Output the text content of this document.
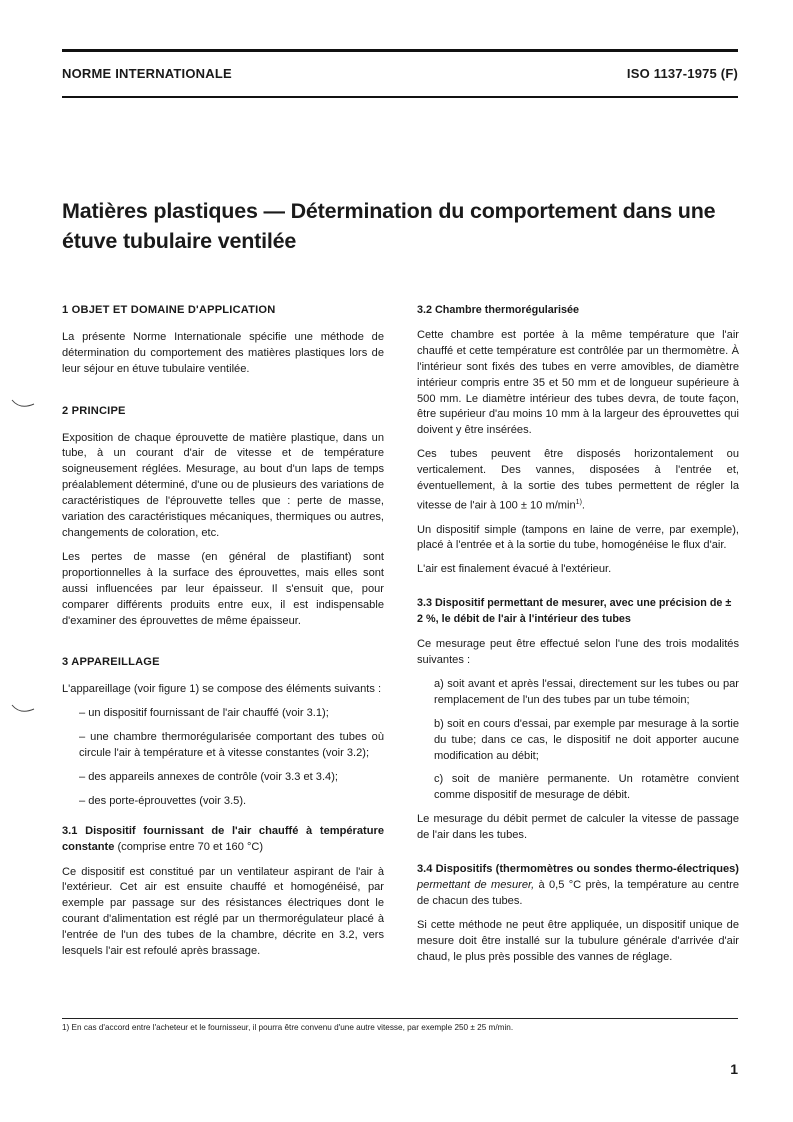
NORME INTERNATIONALE	ISO 1137-1975 (F)
Matières plastiques — Détermination du comportement dans une étuve tubulaire ventilée
1 OBJET ET DOMAINE D'APPLICATION

La présente Norme Internationale spécifie une méthode de détermination du comportement des matières plastiques lors de leur séjour en étuve tubulaire ventilée.

2 PRINCIPE

Exposition de chaque éprouvette de matière plastique, dans un tube, à un courant d'air de vitesse et de température soigneusement réglées. Mesurage, au bout d'un laps de temps préalablement déterminé, d'une ou de plusieurs des variations de caractéristiques de l'éprouvette telles que : perte de masse, variation des caractéristiques mécaniques, thermiques ou autres, changements de coloration, etc.

Les pertes de masse (en général de plastifiant) sont proportionnelles à la surface des éprouvettes, mais elles sont aussi influencées par leur épaisseur. Il s'ensuit que, pour comparer différents produits entre eux, il est indispensable d'examiner des éprouvettes de même épaisseur.

3 APPAREILLAGE

L'appareillage (voir figure 1) se compose des éléments suivants :

– un dispositif fournissant de l'air chauffé (voir 3.1);
– une chambre thermorégularisée comportant des tubes où circule l'air à température et à vitesse constantes (voir 3.2);
– des appareils annexes de contrôle (voir 3.3 et 3.4);
– des porte-éprouvettes (voir 3.5).

3.1 Dispositif fournissant de l'air chauffé à température constante (comprise entre 70 et 160 °C)

Ce dispositif est constitué par un ventilateur aspirant de l'air à l'extérieur. Cet air est ensuite chauffé et homogénéisé, par exemple par passage sur des résistances électriques dont le courant d'alimentation est réglé par un thermorégulateur placé à l'entrée de l'un des tubes de la chambre, décrite en 3.2, vers lesquels l'air est refoulé après brassage.

3.2 Chambre thermorégularisée

Cette chambre est portée à la même température que l'air chauffé et cette température est contrôlée par un thermomètre. À l'intérieur sont fixés des tubes en verre amovibles, de diamètre intérieur compris entre 35 et 50 mm et de longueur supérieure à 500 mm. Le diamètre intérieur des tubes devra, de toute façon, être supérieur d'au moins 10 mm à la largeur des éprouvettes qui doivent y être insérées.

Ces tubes peuvent être disposés horizontalement ou verticalement. Des vannes, disposées à l'entrée et, éventuellement, à la sortie des tubes permettent de régler la vitesse de l'air à 100 ± 10 $m/\min^{1)}$.

Un dispositif simple (tampons en laine de verre, par exemple), placé à l'entrée et à la sortie du tube, homogénéise le flux d'air.

L'air est finalement évacué à l'extérieur.

3.3 Dispositif permettant de mesurer, avec une précision de ± 2 %, le débit de l'air à l'intérieur des tubes

Ce mesurage peut être effectué selon l'une des trois modalités suivantes :

a) soit avant et après l'essai, directement sur les tubes ou par remplacement de l'un des tubes par un tube témoin;
b) soit en cours d'essai, par exemple par mesurage à la sortie du tube; dans ce cas, le dispositif ne doit apporter aucune modification au débit;
c) soit de manière permanente. Un rotamètre convient comme dispositif de mesurage de débit.

Le mesurage du débit permet de calculer la vitesse de passage de l'air dans les tubes.

3.4 Dispositifs (thermomètres ou sondes thermo-électriques) permettant de mesurer, à 0,5 °C près, la température au centre de chacun des tubes.

Si cette méthode ne peut être appliquée, un dispositif unique de mesure doit être installé sur la tubulure générale d'arrivée d'air chaud, le plus près possible des vannes de réglage.

1) En cas d'accord entre l'acheteur et le fournisseur, il pourra être convenu d'une autre vitesse, par exemple 250 ± 25 m/min.
1
